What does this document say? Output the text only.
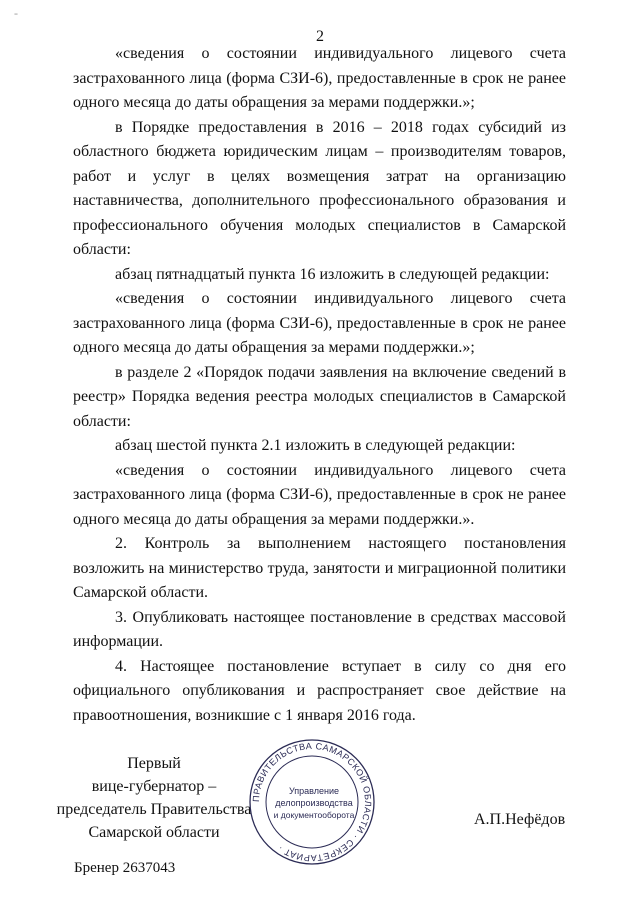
-
2

«сведения о состоянии индивидуального лицевого счета застрахованного лица (форма СЗИ-6), предоставленные в срок не ранее одного месяца до даты обращения за мерами поддержки.»;

в Порядке предоставления в 2016 – 2018 годах субсидий из областного бюджета юридическим лицам – производителям товаров, работ и услуг в целях возмещения затрат на организацию наставничества, дополнительного профессионального образования и профессионального обучения молодых специалистов в Самарской области:

абзац пятнадцатый пункта 16 изложить в следующей редакции:

«сведения о состоянии индивидуального лицевого счета застрахованного лица (форма СЗИ-6), предоставленные в срок не ранее одного месяца до даты обращения за мерами поддержки.»;

в разделе 2 «Порядок подачи заявления на включение сведений в реестр» Порядка ведения реестра молодых специалистов в Самарской области:

абзац шестой пункта 2.1 изложить в следующей редакции:

«сведения о состоянии индивидуального лицевого счета застрахованного лица (форма СЗИ-6), предоставленные в срок не ранее одного месяца до даты обращения за мерами поддержки.».

2. Контроль за выполнением настоящего постановления возложить на министерство труда, занятости и миграционной политики Самарской области.

3. Опубликовать настоящее постановление в средствах массовой информации.

4. Настоящее постановление вступает в силу со дня его официального опубликования и распространяет свое действие на правоотношения, возникшие с 1 января 2016 года.

Первый
вице-губернатор –
председатель Правительства
Самарской области
ПРАВИТЕЛЬСТВА САМАРСКОЙ ОБЛАСТИ · СЕКРЕТАРИАТ ·
Управление
делопроизводства
и документооборота	А.П.Нефёдов
Бренер 2637043
